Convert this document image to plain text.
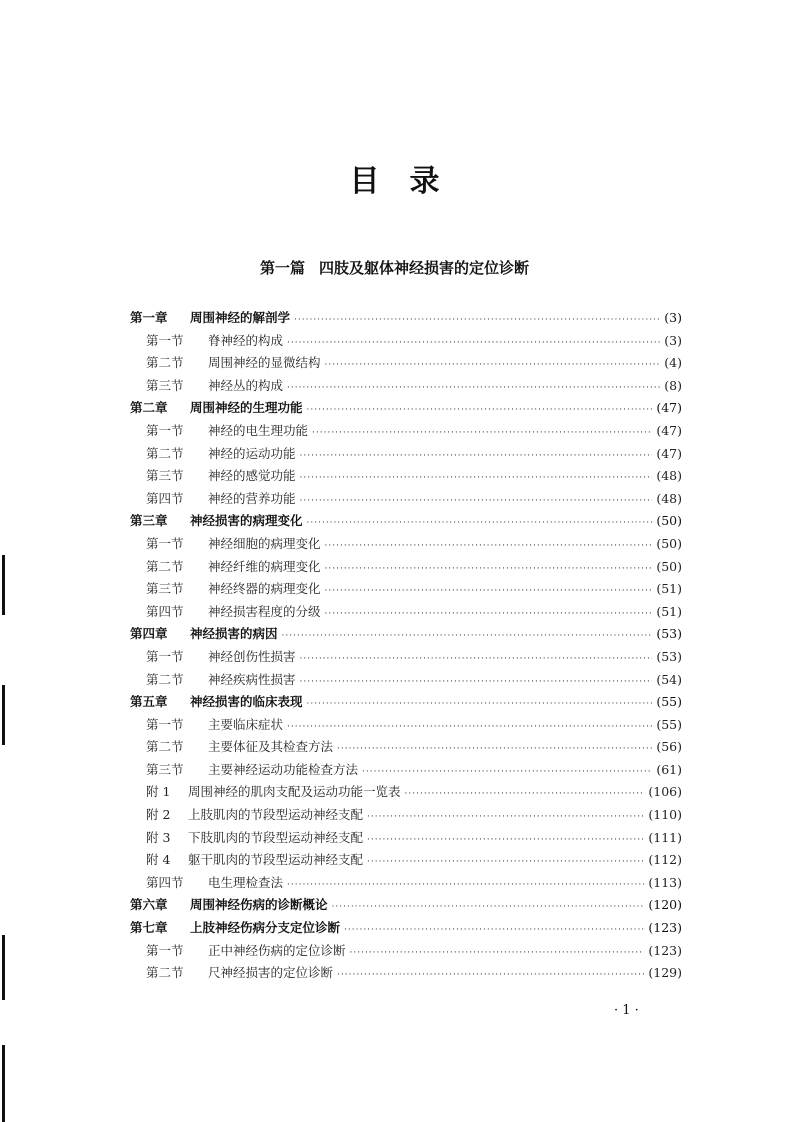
目录
第一篇 四肢及躯体神经损害的定位诊断
第一章	周围神经的解剖学 ·····	(3)
第一节	脊神经的构成 ·····	(3)
第二节	周围神经的显微结构 ·····	(4)
第三节	神经丛的构成 ·····	(8)
第二章	周围神经的生理功能 ·····	(47)
第一节	神经的电生理功能 ·····	(47)
第二节	神经的运动功能 ·····	(47)
第三节	神经的感觉功能 ·····	(48)
第四节	神经的营养功能 ·····	(48)
第三章	神经损害的病理变化 ·····	(50)
第一节	神经细胞的病理变化 ·····	(50)
第二节	神经纤维的病理变化 ·····	(50)
第三节	神经终器的病理变化 ·····	(51)
第四节	神经损害程度的分级 ·····	(51)
第四章	神经损害的病因 ·····	(53)
第一节	神经创伤性损害 ·····	(53)
第二节	神经疾病性损害 ·····	(54)
第五章	神经损害的临床表现 ·····	(55)
第一节	主要临床症状 ·····	(55)
第二节	主要体征及其检查方法 ·····	(56)
第三节	主要神经运动功能检查方法 ·····	(61)
附 1	周围神经的肌肉支配及运动功能一览表 ·····	(106)
附 2	上肢肌肉的节段型运动神经支配 ·····	(110)
附 3	下肢肌肉的节段型运动神经支配 ·····	(111)
附 4	躯干肌肉的节段型运动神经支配 ·····	(112)
第四节	电生理检查法 ·····	(113)
第六章	周围神经伤病的诊断概论 ·····	(120)
第七章	上肢神经伤病分支定位诊断 ·····	(123)
第一节	正中神经伤病的定位诊断 ·····	(123)
第二节	尺神经损害的定位诊断 ·····	(129)
· 1 ·
